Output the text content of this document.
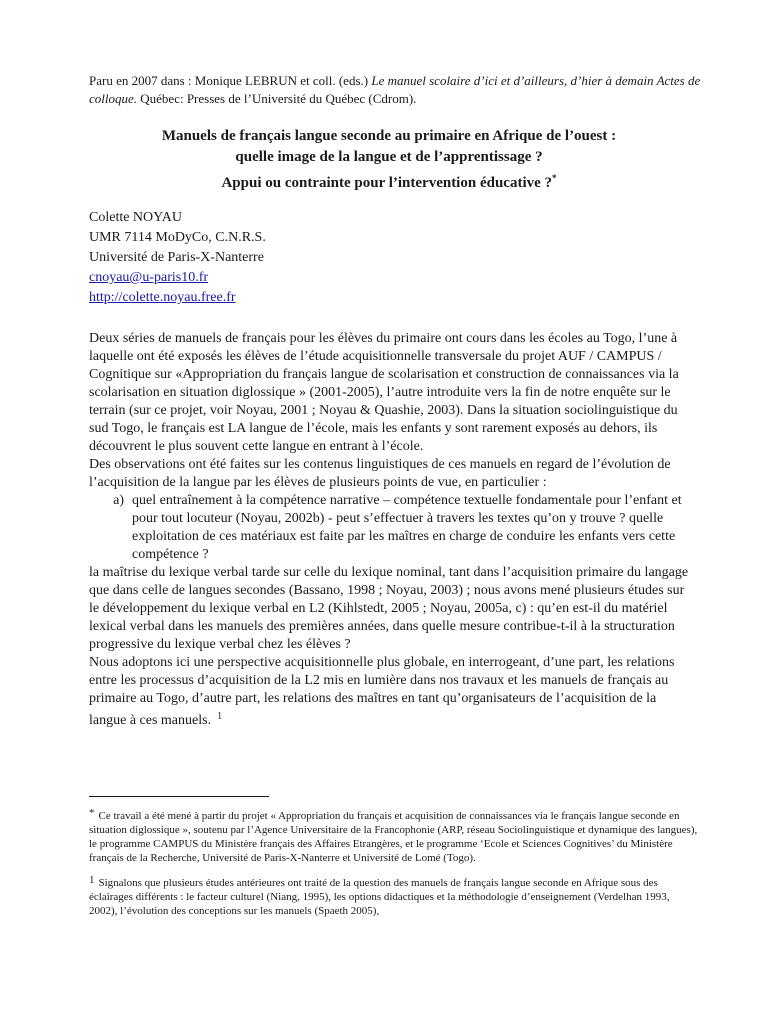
Paru en 2007 dans : Monique LEBRUN et coll. (eds.) Le manuel scolaire d’ici et d’ailleurs, d’hier à demain Actes de colloque. Québec: Presses de l’Université du Québec (Cdrom).
Manuels de français langue seconde au primaire en Afrique de l’ouest :
quelle image de la langue et de l’apprentissage ?
Appui ou contrainte pour l’intervention éducative ?*
Colette NOYAU
UMR 7114 MoDyCo, C.N.R.S.
Université de Paris-X-Nanterre
cnoyau@u-paris10.fr
http://colette.noyau.free.fr

Deux séries de manuels de français pour les élèves du primaire ont cours dans les écoles au Togo, l’une à laquelle ont été exposés les élèves de l’étude acquisitionnelle transversale du projet AUF / CAMPUS / Cognitique sur «Appropriation du français langue de scolarisation et construction de connaissances via la scolarisation en situation diglossique » (2001-2005), l’autre introduite vers la fin de notre enquête sur le terrain (sur ce projet, voir Noyau, 2001 ; Noyau & Quashie, 2003). Dans la situation sociolinguistique du sud Togo, le français est LA langue de l’école, mais les enfants y sont rarement exposés au dehors, ils découvrent le plus souvent cette langue en entrant à l’école.

Des observations ont été faites sur les contenus linguistiques de ces manuels en regard de l’évolution de l’acquisition de la langue par les élèves de plusieurs points de vue, en particulier :

a) quel entraînement à la compétence narrative – compétence textuelle fondamentale pour l’enfant et pour tout locuteur (Noyau, 2002b) - peut s’effectuer à travers les textes qu’on y trouve ? quelle exploitation de ces matériaux est faite par les maîtres en charge de conduire les enfants vers cette compétence ?

la maîtrise du lexique verbal tarde sur celle du lexique nominal, tant dans l’acquisition primaire du langage que dans celle de langues secondes (Bassano, 1998 ; Noyau, 2003) ; nous avons mené plusieurs études sur le développement du lexique verbal en L2 (Kihlstedt, 2005 ; Noyau, 2005a, c) : qu’en est-il du matériel lexical verbal dans les manuels des premières années, dans quelle mesure contribue-t-il à la structuration progressive du lexique verbal chez les élèves ?

Nous adoptons ici une perspective acquisitionnelle plus globale, en interrogeant, d’une part, les relations entre les processus d’acquisition de la L2 mis en lumière dans nos travaux et les manuels de français au primaire au Togo, d’autre part, les relations des maîtres en tant qu’organisateurs de l’acquisition de la langue à ces manuels. $^1$

* Ce travail a été mené à partir du projet « Appropriation du français et acquisition de connaissances via le français langue seconde en situation diglossique », soutenu par l’Agence Universitaire de la Francophonie (ARP, réseau Sociolinguistique et dynamique des langues), le programme CAMPUS du Ministère français des Affaires Etrangères, et le programme ‘Ecole et Sciences Cognitives’ du Ministère français de la Recherche, Université de Paris-X-Nanterre et Université de Lomé (Togo).

1 Signalons que plusieurs études antérieures ont traité de la question des manuels de français langue seconde en Afrique sous des éclairages différents : le facteur culturel (Niang, 1995), les options didactiques et la méthodologie d’enseignement (Verdelhan 1993, 2002), l’évolution des conceptions sur les manuels (Spaeth 2005),
